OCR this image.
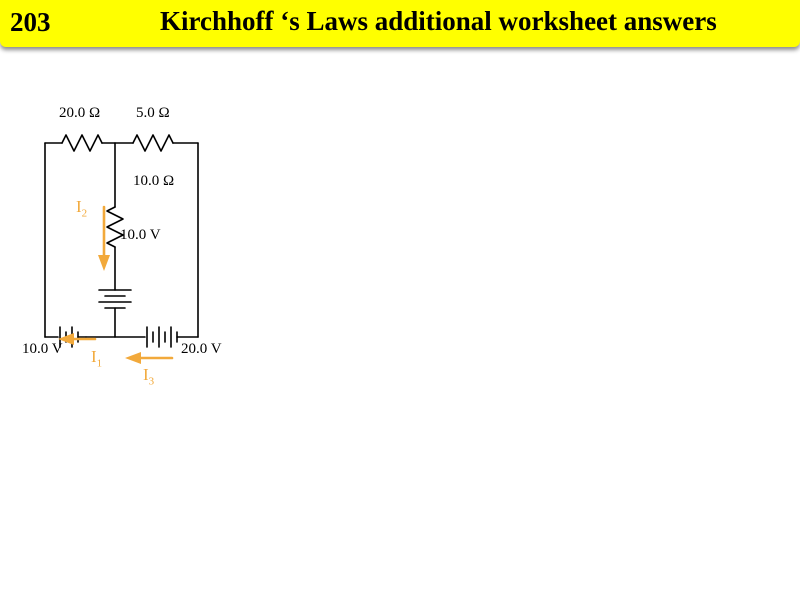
203	Kirchhoff ‘s Laws additional worksheet answers
20.0 Ω 5.0 Ω
10.0 Ω
10.0 V
10.0 V	20.0 V
$I_2$
$I_1$
$I_3$
